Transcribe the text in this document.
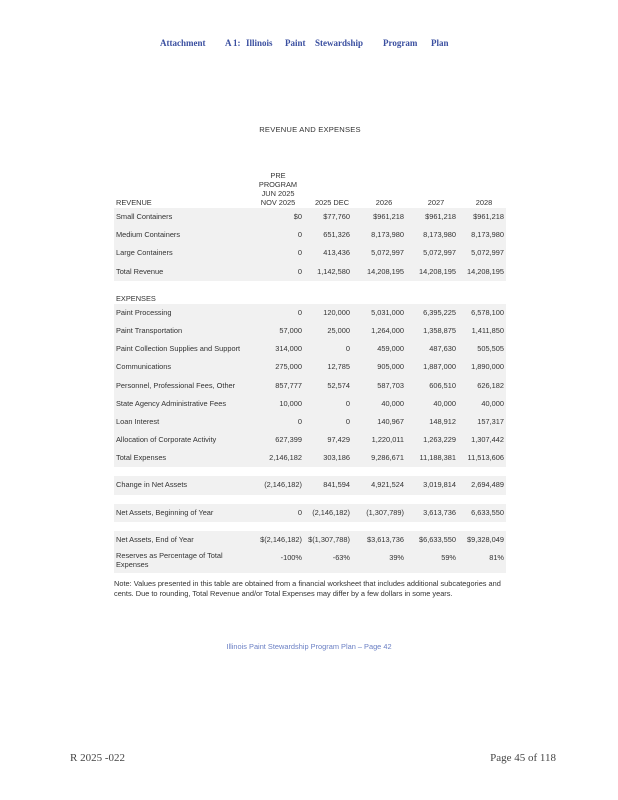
Attachment A 1: Illinois Paint Stewardship Program Plan
REVENUE AND EXPENSES
REVENUE
PRE PROGRAM JUN 2025 NOV 2025	2025 DEC	2026	2027	2028
Small Containers	$0	$77,760	$961,218	$961,218 $961,218
Medium Containers	0	651,326	8,173,980	8,173,980 8,173,980
Large Containers	0	413,436	5,072,997	5,072,997 5,072,997
Total Revenue	0 1,142,580 14,208,195 14,208,195 14,208,195
EXPENSES
Paint Processing	0	120,000	5,031,000	6,395,225 6,578,100
Paint Transportation	57,000	25,000	1,264,000	1,358,875 1,411,850
Paint Collection Supplies and Support	314,000	0	459,000	487,630	505,505
Communications	275,000	12,785	905,000	1,887,000 1,890,000
Personnel, Professional Fees, Other	857,777	52,574	587,703	606,510	626,182
State Agency Administrative Fees	10,000	0	40,000	40,000	40,000
Loan Interest	0	0	140,967	148,912	157,317
Allocation of Corporate Activity	627,399	97,429	1,220,011	1,263,229 1,307,442
Total Expenses	2,146,182	303,186	9,286,671 11,188,381 11,513,606
Change in Net Assets	(2,146,182)	841,594	4,921,524	3,019,814 2,694,489
Net Assets, Beginning of Year	0 (2,146,182) (1,307,789)	3,613,736 6,633,550
Net Assets, End of Year	$(2,146,182) $(1,307,788) $3,613,736 $6,633,550 $9,328,049
Reserves as Percentage of Total Expenses
-100%	-63%	39%	59%	81%
Note: Values presented in this table are obtained from a financial worksheet that includes additional subcategories and cents. Due to rounding, Total Revenue and/or Total Expenses may differ by a few dollars in some years.
Illinois Paint Stewardship Program Plan – Page 42
R 2025 -022	Page 45 of 118
